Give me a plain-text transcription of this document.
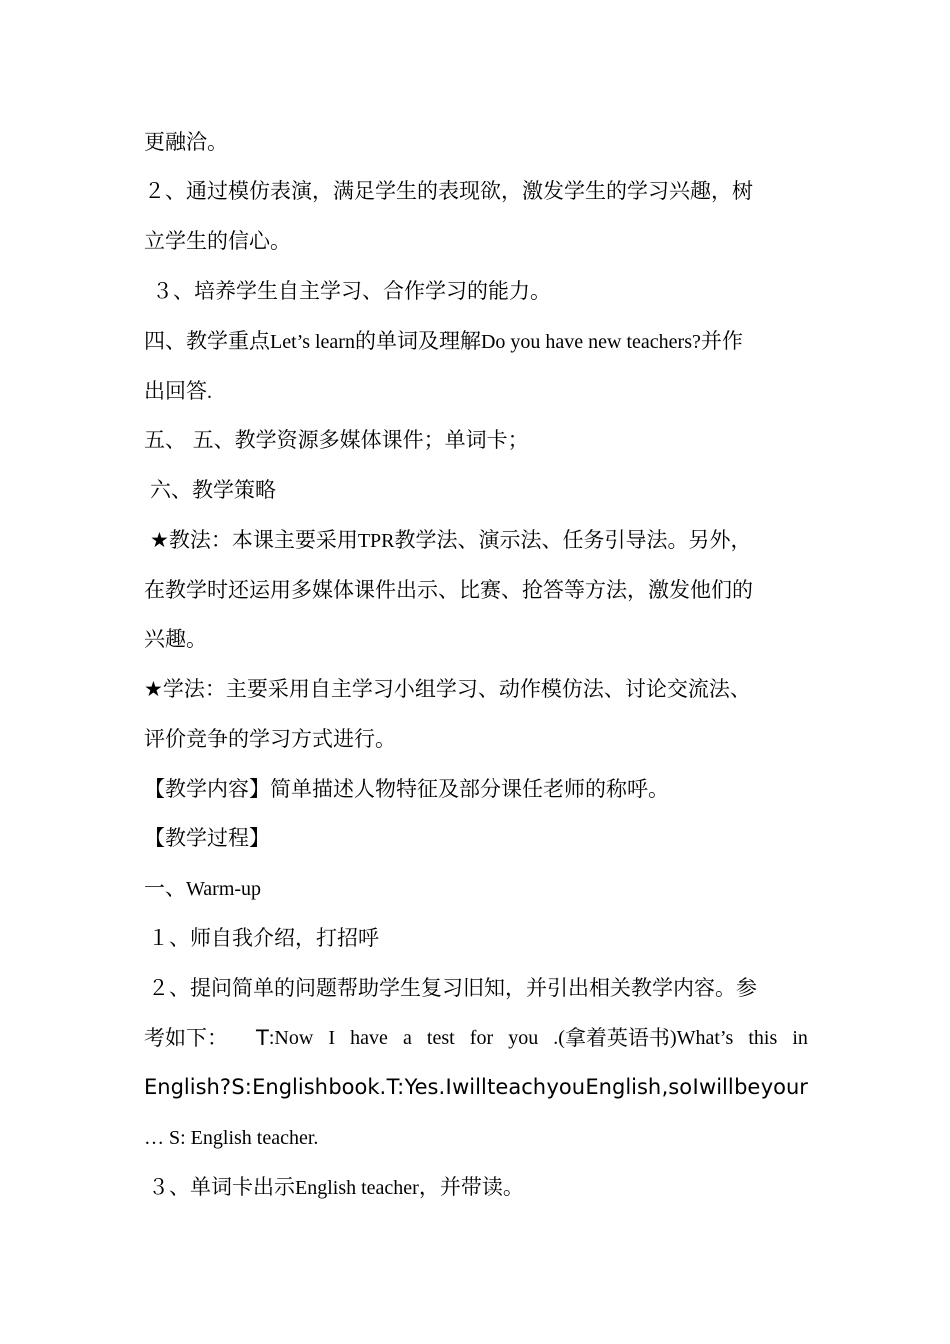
更融洽。
２、通过模仿表演，满足学生的表现欲，激发学生的学习兴趣，树
立学生的信心。
３、培养学生自主学习、合作学习的能力。
四、教学重点Let’s learn的单词及理解Do you have new teachers?并作
出回答.
五、 五、教学资源多媒体课件；单词卡；
六、教学策略
★教法：本课主要采用TPR教学法、演示法、任务引导法。另外，
在教学时还运用多媒体课件出示、比赛、抢答等方法，激发他们的
兴趣。
★学法：主要采用自主学习小组学习、动作模仿法、讨论交流法、
评价竞争的学习方式进行。
【教学内容】简单描述人物特征及部分课任老师的称呼。
【教学过程】
一、Warm-up
１、师自我介绍，打招呼
２、提问简单的问题帮助学生复习旧知，并引出相关教学内容。参
考如下： T :Now I have a test for you .( 拿着英语书 )What’s this in
English? S: English book. T: Yes. I will teach you English ,so I will be your
… S: English teacher.
３、单词卡出示English teacher，并带读。
